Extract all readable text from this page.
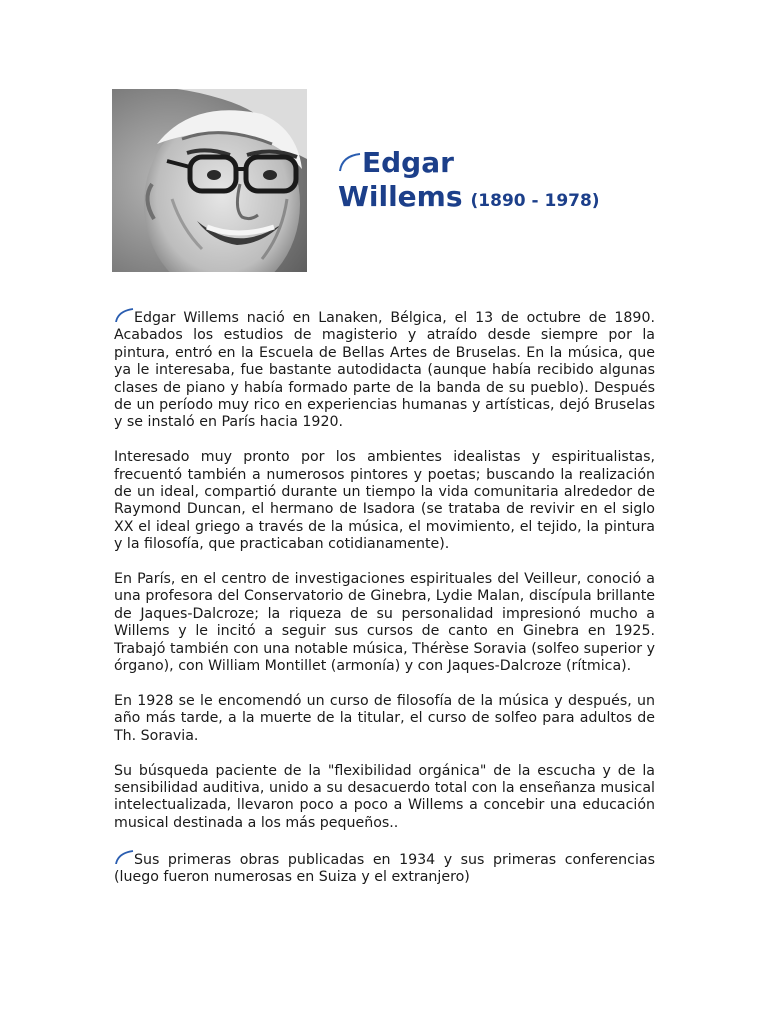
Edgar
Willems (1890 - 1978)

Edgar Willems nació en Lanaken, Bélgica, el 13 de octubre de 1890. Acabados los estudios de magisterio y atraído desde siempre por la pintura, entró en la Escuela de Bellas Artes de Bruselas. En la música, que ya le interesaba, fue bastante autodidacta (aunque había recibido algunas clases de piano y había formado parte de la banda de su pueblo). Después de un período muy rico en experiencias humanas y artísticas, dejó Bruselas y se instaló en París hacia 1920.

Interesado muy pronto por los ambientes idealistas y espiritualistas, frecuentó también a numerosos pintores y poetas; buscando la realización de un ideal, compartió durante un tiempo la vida comunitaria alrededor de Raymond Duncan, el hermano de Isadora (se trataba de revivir en el siglo XX el ideal griego a través de la música, el movimiento, el tejido, la pintura y la filosofía, que practicaban cotidianamente).

En París, en el centro de investigaciones espirituales del Veilleur, conoció a una profesora del Conservatorio de Ginebra, Lydie Malan, discípula brillante de Jaques-Dalcroze; la riqueza de su personalidad impresionó mucho a Willems y le incitó a seguir sus cursos de canto en Ginebra en 1925. Trabajó también con una notable música, Thérèse Soravia (solfeo superior y órgano), con William Montillet (armonía) y con Jaques-Dalcroze (rítmica).

En 1928 se le encomendó un curso de filosofía de la música y después, un año más tarde, a la muerte de la titular, el curso de solfeo para adultos de Th. Soravia.

Su búsqueda paciente de la "flexibilidad orgánica" de la escucha y de la sensibilidad auditiva, unido a su desacuerdo total con la enseñanza musical intelectualizada, llevaron poco a poco a Willems a concebir una educación musical destinada a los más pequeños..

Sus primeras obras publicadas en 1934 y sus primeras conferencias (luego fueron numerosas en Suiza y el extranjero)
